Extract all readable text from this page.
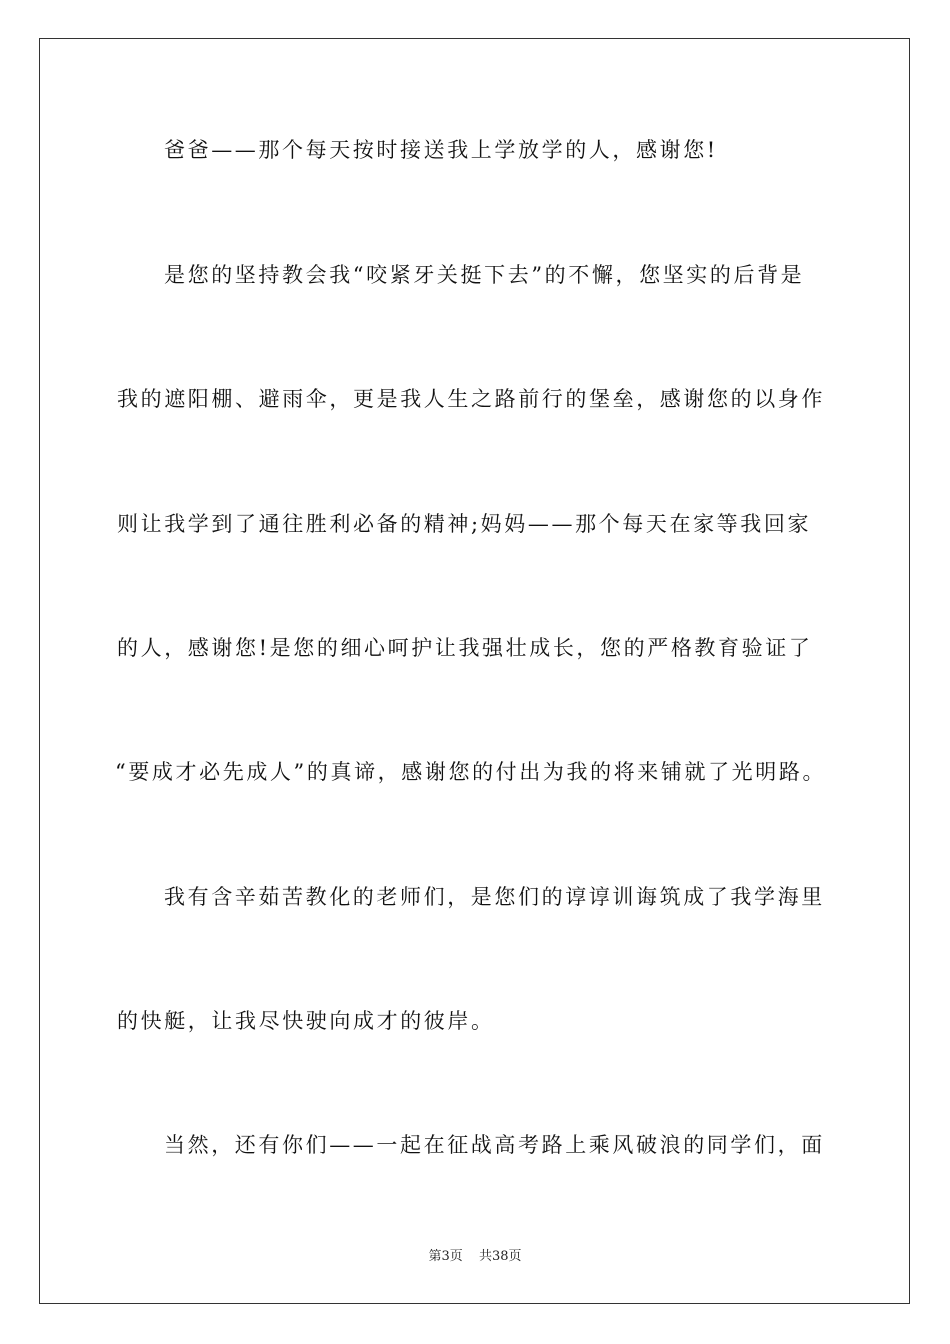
爸爸——那个每天按时接送我上学放学的人，感谢您!
是您的坚持教会我“咬紧牙关挺下去”的不懈，您坚实的后背是
我的遮阳棚、避雨伞，更是我人生之路前行的堡垒，感谢您的以身作
则让我学到了通往胜利必备的精神;妈妈——那个每天在家等我回家
的人，感谢您!是您的细心呵护让我强壮成长，您的严格教育验证了
“要成才必先成人”的真谛，感谢您的付出为我的将来铺就了光明路。
我有含辛茹苦教化的老师们，是您们的谆谆训诲筑成了我学海里
的快艇，让我尽快驶向成才的彼岸。
当然，还有你们——一起在征战高考路上乘风破浪的同学们，面
第3页 共38页
